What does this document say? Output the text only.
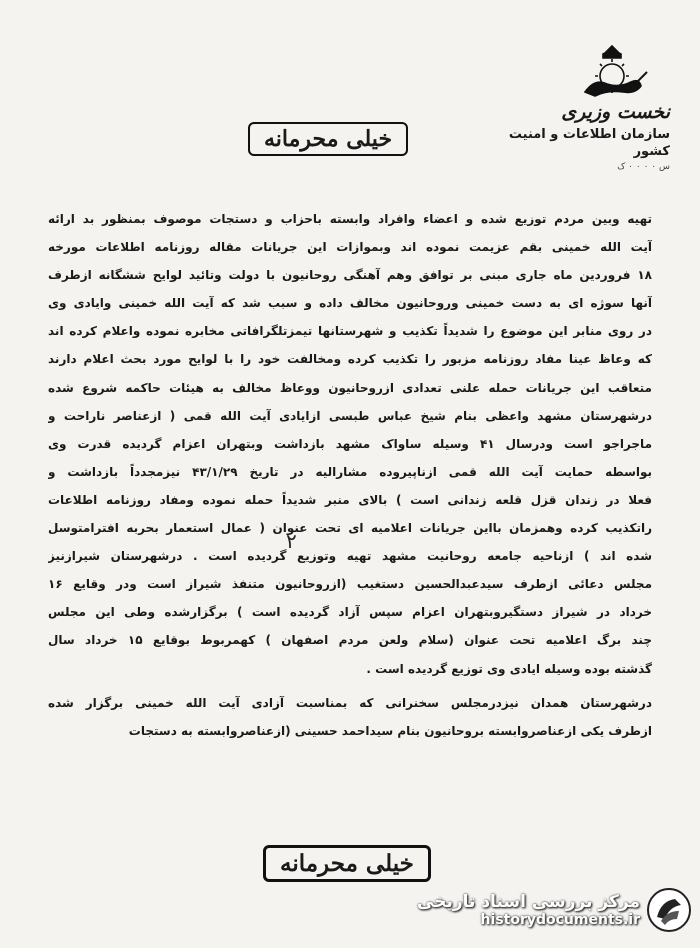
نخست وزیری
سازمان اطلاعات و امنیت کشور
س ۰ ۰ ۰ ۰ ک
خیلی محرمانه
تهیه وبین مردم توزیع شده و اعضاء وافراد وابسته باحزاب و دستجات موصوف بمنظور بد ارائه
آیت الله خمینی بقم عزیمت نموده اند وبموازات این جریانات مقاله روزنامه اطلاعات مورخه
۱۸ فروردین ماه جاری مبنی بر توافق وهم آهنگی روحانیون با دولت وتائید لوایح ششگانه ازطرف
آنها سوژه ای به دست خمینی وروحانیون مخالف داده و سبب شد که آیت الله خمینی وایادی وی
در روی منابر این موضوع را شدیداً تکذیب و شهرستانها تیمزتلگرافاتی مخابره نموده واعلام کرده اند
که وعاظ عینا مفاد روزنامه مزبور را تکذیب کرده ومخالفت خود را با لوایح مورد بحث اعلام دارند
متعاقب این جریانات حمله علنی تعدادی ازروحانیون ووعاظ مخالف به هیئات حاکمه شروع شده
درشهرستان مشهد واعظی بنام شیخ عباس طبسی ازایادی آیت الله قمی ( ازعناصر ناراحت و
ماجراجو است ودرسال ۴۱ وسیله ساواک مشهد بازداشت وبتهران اعزام گردیده قدرت وی
بواسطه حمایت آیت الله قمی ازناپیروده مشارالیه در تاریخ ۴۳/۱/۲۹ نیزمجدداً بازداشت و
فعلا در زندان قزل قلعه زندانی است ) بالای منبر شدیداً حمله نموده ومفاد روزنامه اطلاعات
راتکذیب کرده وهمزمان بااین جریانات اعلامیه ای تحت عنوان ( عمال استعمار بحربه افترامتوسل
شده اند ) ازناحیه جامعه روحانیت مشهد تهیه وتوزیع گردیده است . درشهرستان شیرازنیز
مجلس دعائی ازطرف سیدعبدالحسین دستغیب (ازروحانیون متنفذ شیراز است ودر وقایع ۱۶
خرداد در شیراز دستگیروبتهران اعزام سپس آزاد گردیده است ) برگزارشده وطی این مجلس
چند برگ اعلامیه تحت عنوان (سلام ولعن مردم اصفهان ) کهمربوط بوقایع ۱۵ خرداد سال
گذشته بوده وسیله ایادی وی توزیع گردیده است .
درشهرستان همدان نیزدرمجلس سخنرانی که بمناسبت آزادی آیت الله خمینی برگزار شده
ازطرف یکی ازعناصروابسته بروحانیون بنام سیداحمد حسینی (ازعناصروابسته به دستجات
۲
خیلی محرمانه
مرکز بررسی اسناد تاریخی
historydocuments.ir
